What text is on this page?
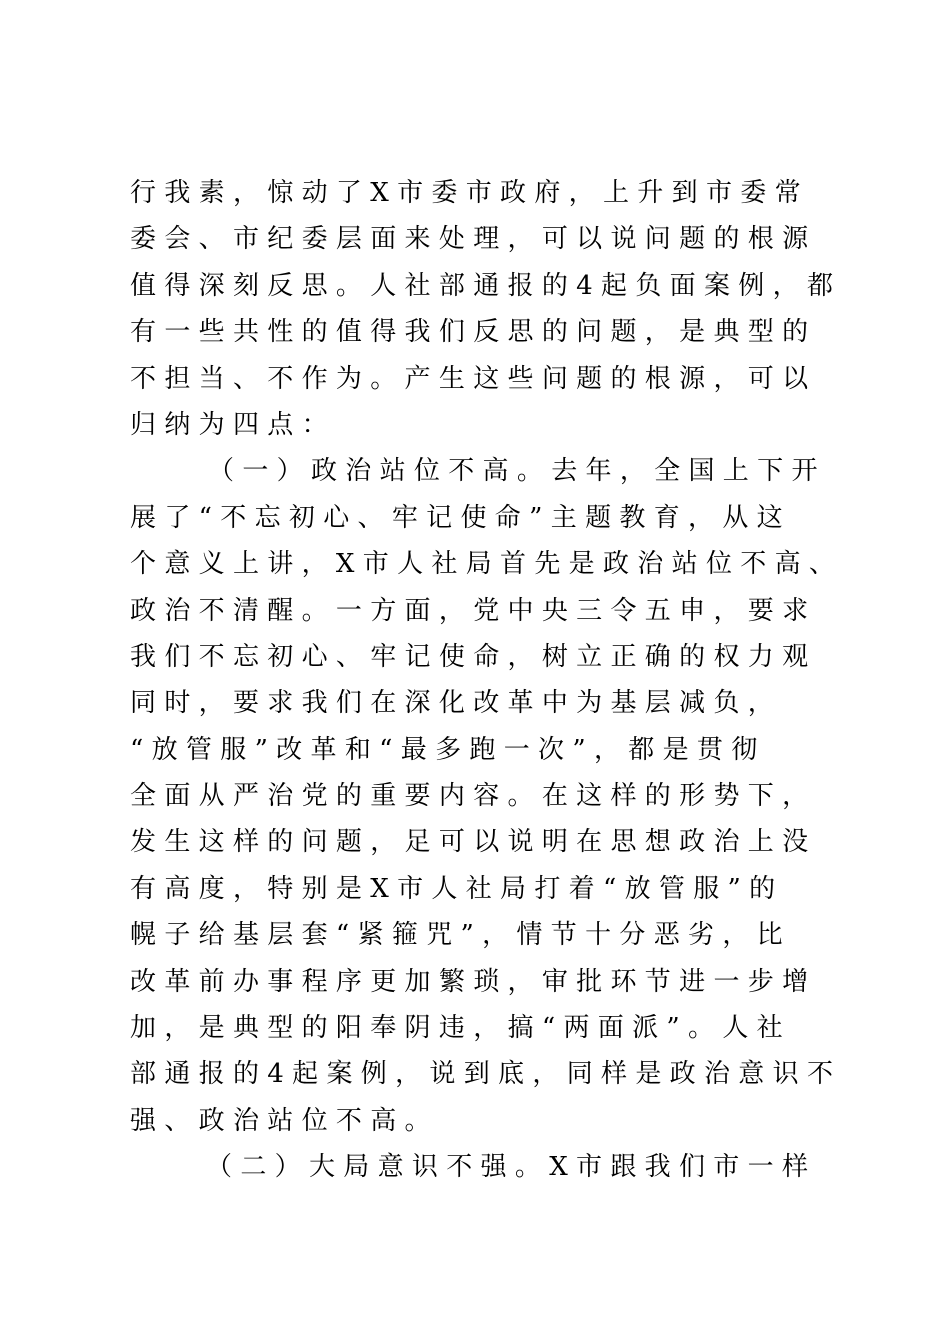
行我素，惊动了X市委市政府，上升到市委常
委会、市纪委层面来处理，可以说问题的根源
值得深刻反思。人社部通报的4起负面案例，都
有一些共性的值得我们反思的问题，是典型的
不担当、不作为。产生这些问题的根源，可以
归纳为四点：
（一）政治站位不高。去年，全国上下开
展了“不忘初心、牢记使命”主题教育，从这
个意义上讲，X市人社局首先是政治站位不高、
政治不清醒。一方面，党中央三令五申，要求
我们不忘初心、牢记使命，树立正确的权力观
同时，要求我们在深化改革中为基层减负，
“放管服”改革和“最多跑一次”，都是贯彻
全面从严治党的重要内容。在这样的形势下，
发生这样的问题，足可以说明在思想政治上没
有高度，特别是X市人社局打着“放管服”的
幌子给基层套“紧箍咒”，情节十分恶劣，比
改革前办事程序更加繁琐，审批环节进一步增
加，是典型的阳奉阴违，搞“两面派”。人社
部通报的4起案例，说到底，同样是政治意识不
强、政治站位不高。
（二）大局意识不强。X市跟我们市一样
